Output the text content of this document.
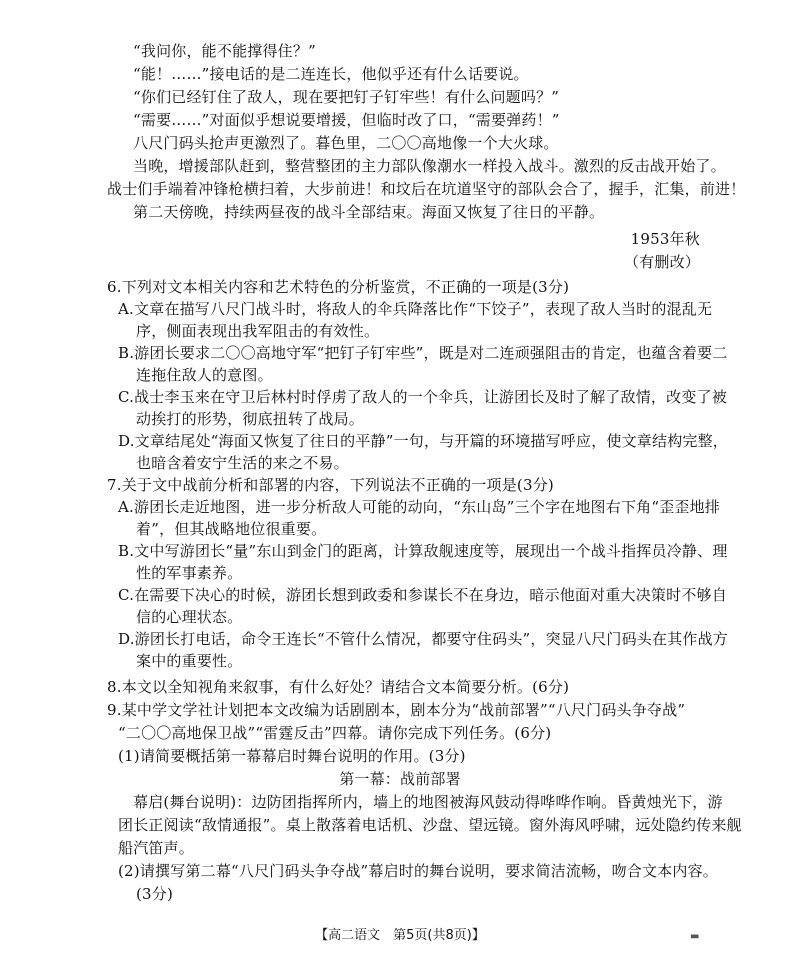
“我问你，能不能撑得住？”
“能！……”接电话的是二连连长，他似乎还有什么话要说。
“你们已经钉住了敌人，现在要把钉子钉牢些！有什么问题吗？”
“需要……”对面似乎想说要增援，但临时改了口，“需要弹药！”
八尺门码头抢声更激烈了。暮色里，二〇〇高地像一个大火球。
当晚，增援部队赶到，整营整团的主力部队像潮水一样投入战斗。激烈的反击战开始了。
战士们手端着冲锋枪横扫着，大步前进！和坟后在坑道坚守的部队会合了，握手，汇集，前进！
第二天傍晚，持续两昼夜的战斗全部结束。海面又恢复了往日的平静。
1953年秋
（有删改）
6.下列对文本相关内容和艺术特色的分析鉴赏，不正确的一项是(3分)
A.文章在描写八尺门战斗时，将敌人的伞兵降落比作“下饺子”，表现了敌人当时的混乱无
序，侧面表现出我军阻击的有效性。
B.游团长要求二〇〇高地守军“把钉子钉牢些”，既是对二连顽强阻击的肯定，也蕴含着要二
连拖住敌人的意图。
C.战士李玉来在守卫后林村时俘虏了敌人的一个伞兵，让游团长及时了解了敌情，改变了被
动挨打的形势，彻底扭转了战局。
D.文章结尾处“海面又恢复了往日的平静”一句，与开篇的环境描写呼应，使文章结构完整，
也暗含着安宁生活的来之不易。
7.关于文中战前分析和部署的内容，下列说法不正确的一项是(3分)
A.游团长走近地图，进一步分析敌人可能的动向，“东山岛”三个字在地图右下角“歪歪地排
着”，但其战略地位很重要。
B.文中写游团长“量”东山到金门的距离，计算敌舰速度等，展现出一个战斗指挥员冷静、理
性的军事素养。
C.在需要下决心的时候，游团长想到政委和参谋长不在身边，暗示他面对重大决策时不够自
信的心理状态。
D.游团长打电话，命令王连长“不管什么情况，都要守住码头”，突显八尺门码头在其作战方
案中的重要性。
8.本文以全知视角来叙事，有什么好处？请结合文本简要分析。(6分)
9.某中学文学社计划把本文改编为话剧剧本，剧本分为“战前部署”“八尺门码头争夺战”
“二〇〇高地保卫战”“雷霆反击”四幕。请你完成下列任务。(6分)
(1)请简要概括第一幕幕启时舞台说明的作用。(3分)
第一幕：战前部署
幕启(舞台说明)：边防团指挥所内，墙上的地图被海风鼓动得哗哗作响。昏黄烛光下，游
团长正阅读“敌情通报”。桌上散落着电话机、沙盘、望远镜。窗外海风呼啸，远处隐约传来舰
船汽笛声。
(2)请撰写第二幕“八尺门码头争夺战”幕启时的舞台说明，要求简洁流畅，吻合文本内容。
(3分)
【高二语文　第5页(共8页)】	▬
